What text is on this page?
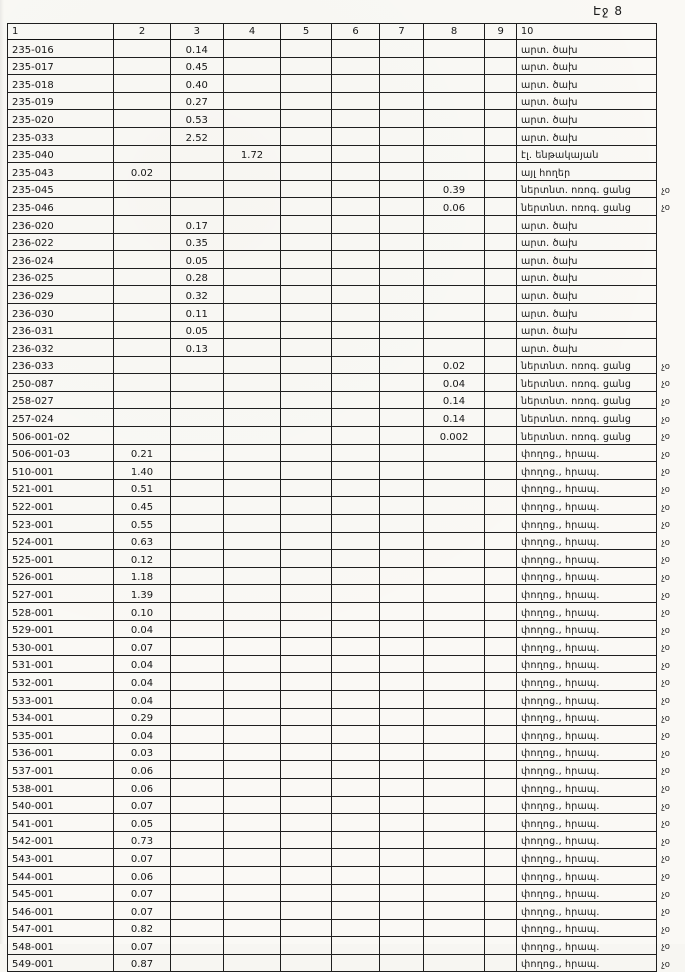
Էջ 8
1	2	3	4	5	6	7	8	9	10	
235-016		0.14							արտ. ծախ	
235-017		0.45							արտ. ծախ	
235-018		0.40							արտ. ծախ	
235-019		0.27							արտ. ծախ	
235-020		0.53							արտ. ծախ	
235-033		2.52							արտ. ծախ	
235-040			1.72						էլ. ենթակայան	
235-043	0.02								այլ հողեր	
235-045							0.39		ներտնտ. ոռոգ. ցանց	չօ
235-046							0.06		ներտնտ. ոռոգ. ցանց	չօ
236-020		0.17							արտ. ծախ	
236-022		0.35							արտ. ծախ	
236-024		0.05							արտ. ծախ	
236-025		0.28							արտ. ծախ	
236-029		0.32							արտ. ծախ	
236-030		0.11							արտ. ծախ	
236-031		0.05							արտ. ծախ	
236-032		0.13							արտ. ծախ	
236-033							0.02		ներտնտ. ոռոգ. ցանց	չօ
250-087							0.04		ներտնտ. ոռոգ. ցանց	չօ
258-027							0.14		ներտնտ. ոռոգ. ցանց	չօ
257-024							0.14		ներտնտ. ոռոգ. ցանց	չօ
506-001-02							0.002		ներտնտ. ոռոգ. ցանց	չօ
506-001-03	0.21								փողոց., հրապ.	չօ
510-001	1.40								փողոց., հրապ.	չօ
521-001	0.51								փողոց., հրապ.	չօ
522-001	0.45								փողոց., հրապ.	չօ
523-001	0.55								փողոց., հրապ.	չօ
524-001	0.63								փողոց., հրապ.	չօ
525-001	0.12								փողոց., հրապ.	չօ
526-001	1.18								փողոց., հրապ.	չօ
527-001	1.39								փողոց., հրապ.	չօ
528-001	0.10								փողոց., հրապ.	չօ
529-001	0.04								փողոց., հրապ.	չօ
530-001	0.07								փողոց., հրապ.	չօ
531-001	0.04								փողոց., հրապ.	չօ
532-001	0.04								փողոց., հրապ.	չօ
533-001	0.04								փողոց., հրապ.	չօ
534-001	0.29								փողոց., հրապ.	չօ
535-001	0.04								փողոց., հրապ.	չօ
536-001	0.03								փողոց., հրապ.	չօ
537-001	0.06								փողոց., հրապ.	չօ
538-001	0.06								փողոց., հրապ.	չօ
540-001	0.07								փողոց., հրապ.	չօ
541-001	0.05								փողոց., հրապ.	չօ
542-001	0.73								փողոց., հրապ.	չօ
543-001	0.07								փողոց., հրապ.	չօ
544-001	0.06								փողոց., հրապ.	չօ
545-001	0.07								փողոց., հրապ.	չօ
546-001	0.07								փողոց., հրապ.	չօ
547-001	0.82								փողոց., հրապ.	չօ
548-001	0.07								փողոց., հրապ.	չօ
549-001	0.87								փողոց., հրապ.	չօ
